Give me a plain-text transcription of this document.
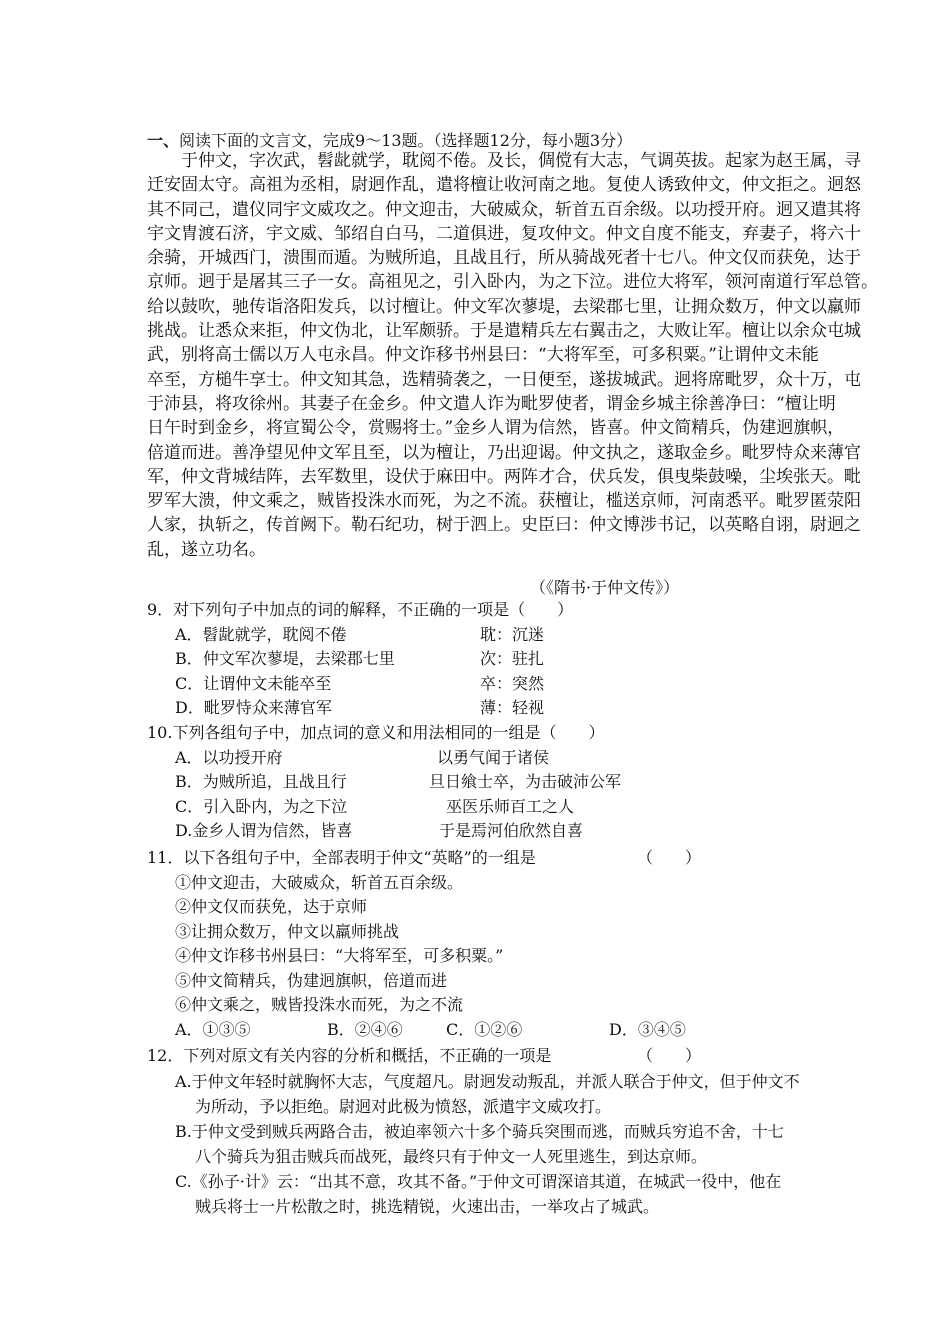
一、阅读下面的文言文，完成9～13题。（选择题12分，每小题3分）
于仲文，字次武，髫龀就学，耽阅不倦。及长，倜傥有大志，气调英拔。起家为赵王属，寻
迁安固太守。高祖为丞相，尉迥作乱，遣将檀让收河南之地。复使人诱致仲文，仲文拒之。迥怒
其不同己，遣仪同宇文威攻之。仲文迎击，大破威众，斩首五百余级。以功授开府。迥又遣其将
宇文胄渡石济，宇文威、邹绍自白马，二道俱进，复攻仲文。仲文自度不能支，弃妻子，将六十
余骑，开城西门，溃围而遁。为贼所追，且战且行，所从骑战死者十七八。仲文仅而获免，达于
京师。迥于是屠其三子一女。高祖见之，引入卧内，为之下泣。进位大将军，领河南道行军总管。
给以鼓吹，驰传诣洛阳发兵，以讨檀让。仲文军次蓼堤，去梁郡七里，让拥众数万，仲文以羸师
挑战。让悉众来拒，仲文伪北，让军颇骄。于是遣精兵左右翼击之，大败让军。檀让以余众屯城
武，别将高士儒以万人屯永昌。仲文诈移书州县曰：“大将军至，可多积粟。”让谓仲文未能
卒至，方槌牛享士。仲文知其急，选精骑袭之，一日便至，遂拔城武。迥将席毗罗，众十万，屯
于沛县，将攻徐州。其妻子在金乡。仲文遣人诈为毗罗使者，谓金乡城主徐善净曰：“檀让明
日午时到金乡，将宣蜀公令，赏赐将士。”金乡人谓为信然，皆喜。仲文简精兵，伪建迥旗帜，
倍道而进。善净望见仲文军且至，以为檀让，乃出迎谒。仲文执之，遂取金乡。毗罗恃众来薄官
军，仲文背城结阵，去军数里，设伏于麻田中。两阵才合，伏兵发，俱曳柴鼓噪，尘埃张天。毗
罗军大溃，仲文乘之，贼皆投洙水而死，为之不流。获檀让，槛送京师，河南悉平。毗罗匿荥阳
人家，执斩之，传首阙下。勒石纪功，树于泗上。史臣曰：仲文博涉书记，以英略自诩，尉迥之
乱，遂立功名。
（《隋书·于仲文传》）
9．对下列句子中加点的词的解释，不正确的一项是（　　）
A．髫龀就学，耽阅不倦	耽：沉迷
B．仲文军次蓼堤，去梁郡七里	次：驻扎
C．让谓仲文未能卒至	卒：突然
D．毗罗恃众来薄官军	薄：轻视
10.下列各组句子中，加点词的意义和用法相同的一组是（　　）
A．以功授开府	以勇气闻于诸侯
B．为贼所追，且战且行	旦日飨士卒，为击破沛公军
C．引入卧内，为之下泣	巫医乐师百工之人
D.金乡人谓为信然，皆喜	于是焉河伯欣然自喜
11．以下各组句子中，全部表明于仲文“英略”的一组是	（　　）
①仲文迎击，大破威众，斩首五百余级。
②仲文仅而获免，达于京师
③让拥众数万，仲文以羸师挑战
④仲文诈移书州县曰：“大将军至，可多积粟。”
⑤仲文简精兵，伪建迥旗帜，倍道而进
⑥仲文乘之，贼皆投洙水而死，为之不流
A．①③⑤	B．②④⑥	C．①②⑥	D．③④⑤
12．下列对原文有关内容的分析和概括，不正确的一项是	（　　）
A.于仲文年轻时就胸怀大志，气度超凡。尉迥发动叛乱，并派人联合于仲文，但于仲文不
为所动，予以拒绝。尉迥对此极为愤怒，派遣宇文威攻打。
B.于仲文受到贼兵两路合击，被迫率领六十多个骑兵突围而逃，而贼兵穷追不舍，十七
八个骑兵为狙击贼兵而战死，最终只有于仲文一人死里逃生，到达京师。
C.《孙子·计》云：“出其不意，攻其不备。”于仲文可谓深谙其道，在城武一役中，他在
贼兵将士一片松散之时，挑选精锐，火速出击，一举攻占了城武。
